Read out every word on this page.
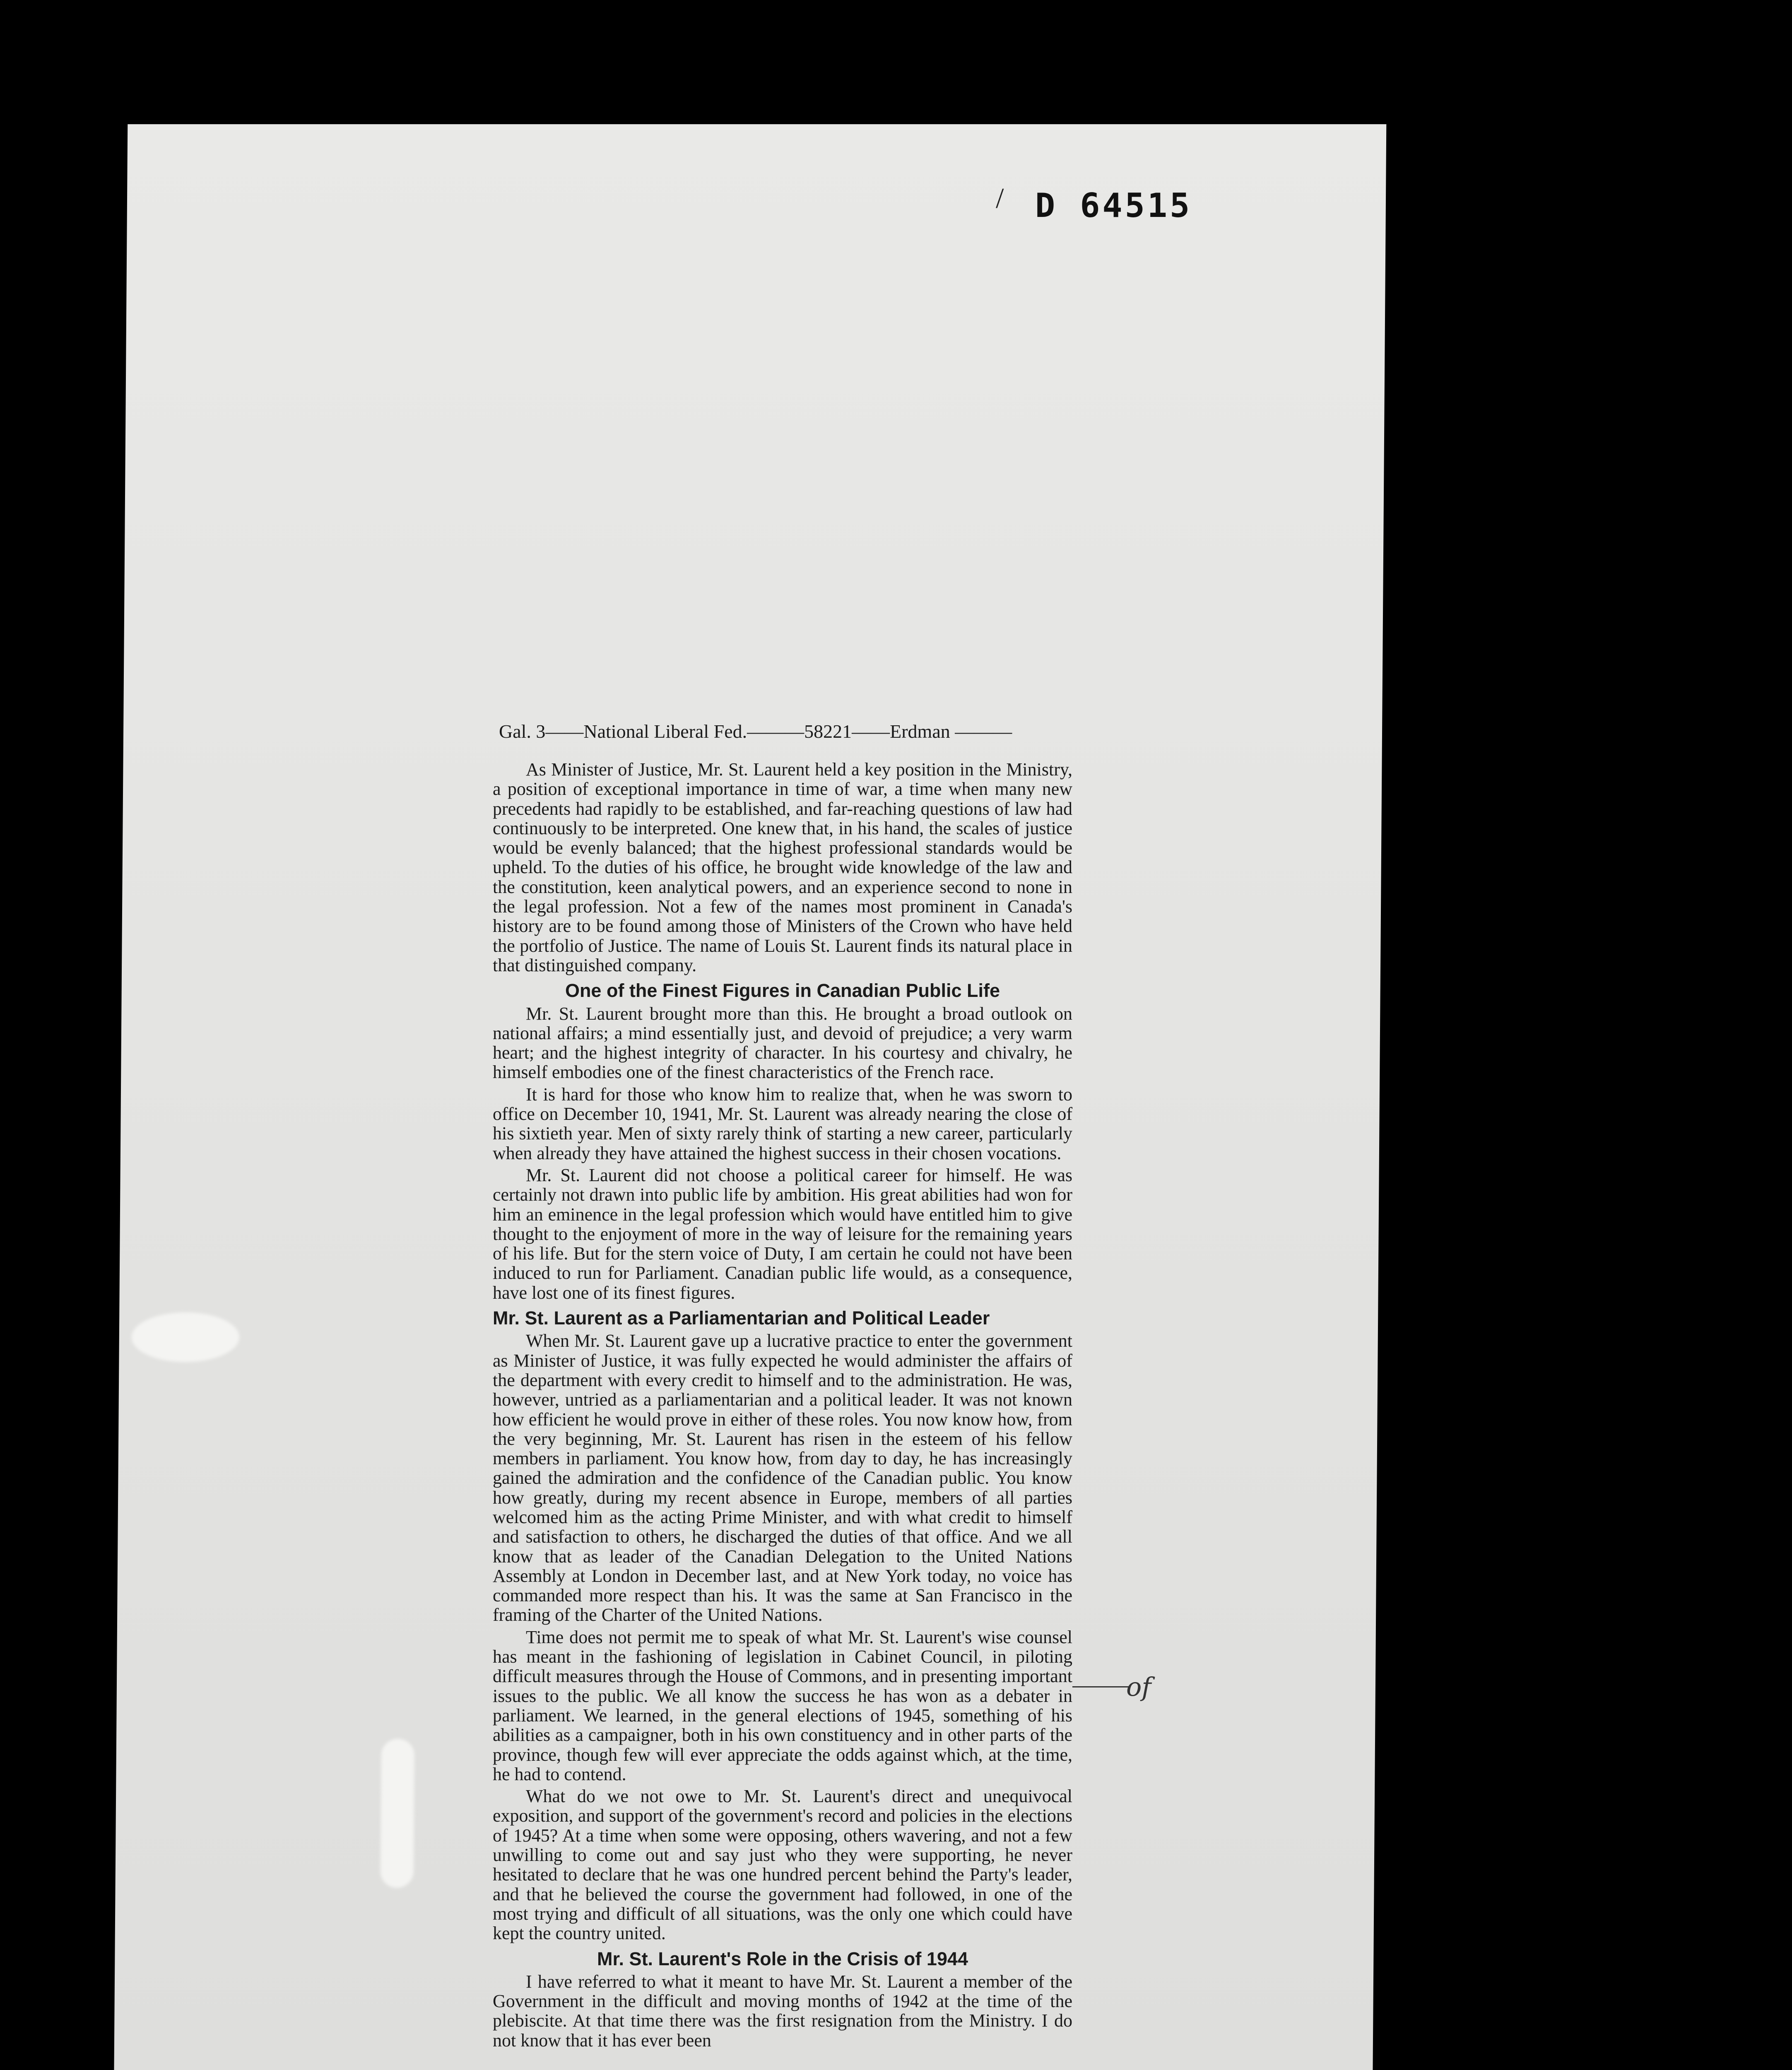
/ D 64515
Gal. 3——National Liberal Fed.———58221——Erdman ———

As Minister of Justice, Mr. St. Laurent held a key position in the Ministry, a position of exceptional importance in time of war, a time when many new precedents had rapidly to be established, and far-reaching questions of law had continuously to be interpreted. One knew that, in his hand, the scales of justice would be evenly balanced; that the highest professional standards would be upheld. To the duties of his office, he brought wide knowledge of the law and the constitution, keen analytical powers, and an experience second to none in the legal profession. Not a few of the names most prominent in Canada's history are to be found among those of Ministers of the Crown who have held the portfolio of Justice. The name of Louis St. Laurent finds its natural place in that distinguished company.

One of the Finest Figures in Canadian Public Life

Mr. St. Laurent brought more than this. He brought a broad outlook on national affairs; a mind essentially just, and devoid of prejudice; a very warm heart; and the highest integrity of character. In his courtesy and chivalry, he himself embodies one of the finest characteristics of the French race.

It is hard for those who know him to realize that, when he was sworn to office on December 10, 1941, Mr. St. Laurent was already nearing the close of his sixtieth year. Men of sixty rarely think of starting a new career, particularly when already they have attained the highest success in their chosen vocations.

Mr. St. Laurent did not choose a political career for himself. He was certainly not drawn into public life by ambition. His great abilities had won for him an eminence in the legal profession which would have entitled him to give thought to the enjoyment of more in the way of leisure for the remaining years of his life. But for the stern voice of Duty, I am certain he could not have been induced to run for Parliament. Canadian public life would, as a consequence, have lost one of its finest figures.

Mr. St. Laurent as a Parliamentarian and Political Leader

When Mr. St. Laurent gave up a lucrative practice to enter the government as Minister of Justice, it was fully expected he would administer the affairs of the department with every credit to himself and to the administration. He was, however, untried as a parliamentarian and a political leader. It was not known how efficient he would prove in either of these roles. You now know how, from the very beginning, Mr. St. Laurent has risen in the esteem of his fellow members in parliament. You know how, from day to day, he has increasingly gained the admiration and the confidence of the Canadian public. You know how greatly, during my recent absence in Europe, members of all parties welcomed him as the acting Prime Minister, and with what credit to himself and satisfaction to others, he discharged the duties of that office. And we all know that as leader of the Canadian Delegation to the United Nations Assembly at London in December last, and at New York today, no voice has commanded more respect than his. It was the same at San Francisco in the framing of the Charter of the United Nations.

Time does not permit me to speak of what Mr. St. Laurent's wise counsel has meant in the fashioning of legislation in Cabinet Council, in piloting difficult measures through the House of Commons, and in presenting important issues to the public. We all know the success he has won as a debater in parliament. We learned, in the general elections of 1945, something of his abilities as a campaigner, both in his own constituency and in other parts of the province, though few will ever appreciate the odds against which, at the time, he had to contend.

What do we not owe to Mr. St. Laurent's direct and unequivocal exposition, and support of the government's record and policies in the elections of 1945? At a time when some were opposing, others wavering, and not a few unwilling to come out and say just who they were supporting, he never hesitated to declare that he was one hundred percent behind the Party's leader, and that he believed the course the government had followed, in one of the most trying and difficult of all situations, was the only one which could have kept the country united.

Mr. St. Laurent's Role in the Crisis of 1944

I have referred to what it meant to have Mr. St. Laurent a member of the Government in the difficult and moving months of 1942 at the time of the plebiscite. At that time there was the first resignation from the Ministry. I do not know that it has ever been

of
